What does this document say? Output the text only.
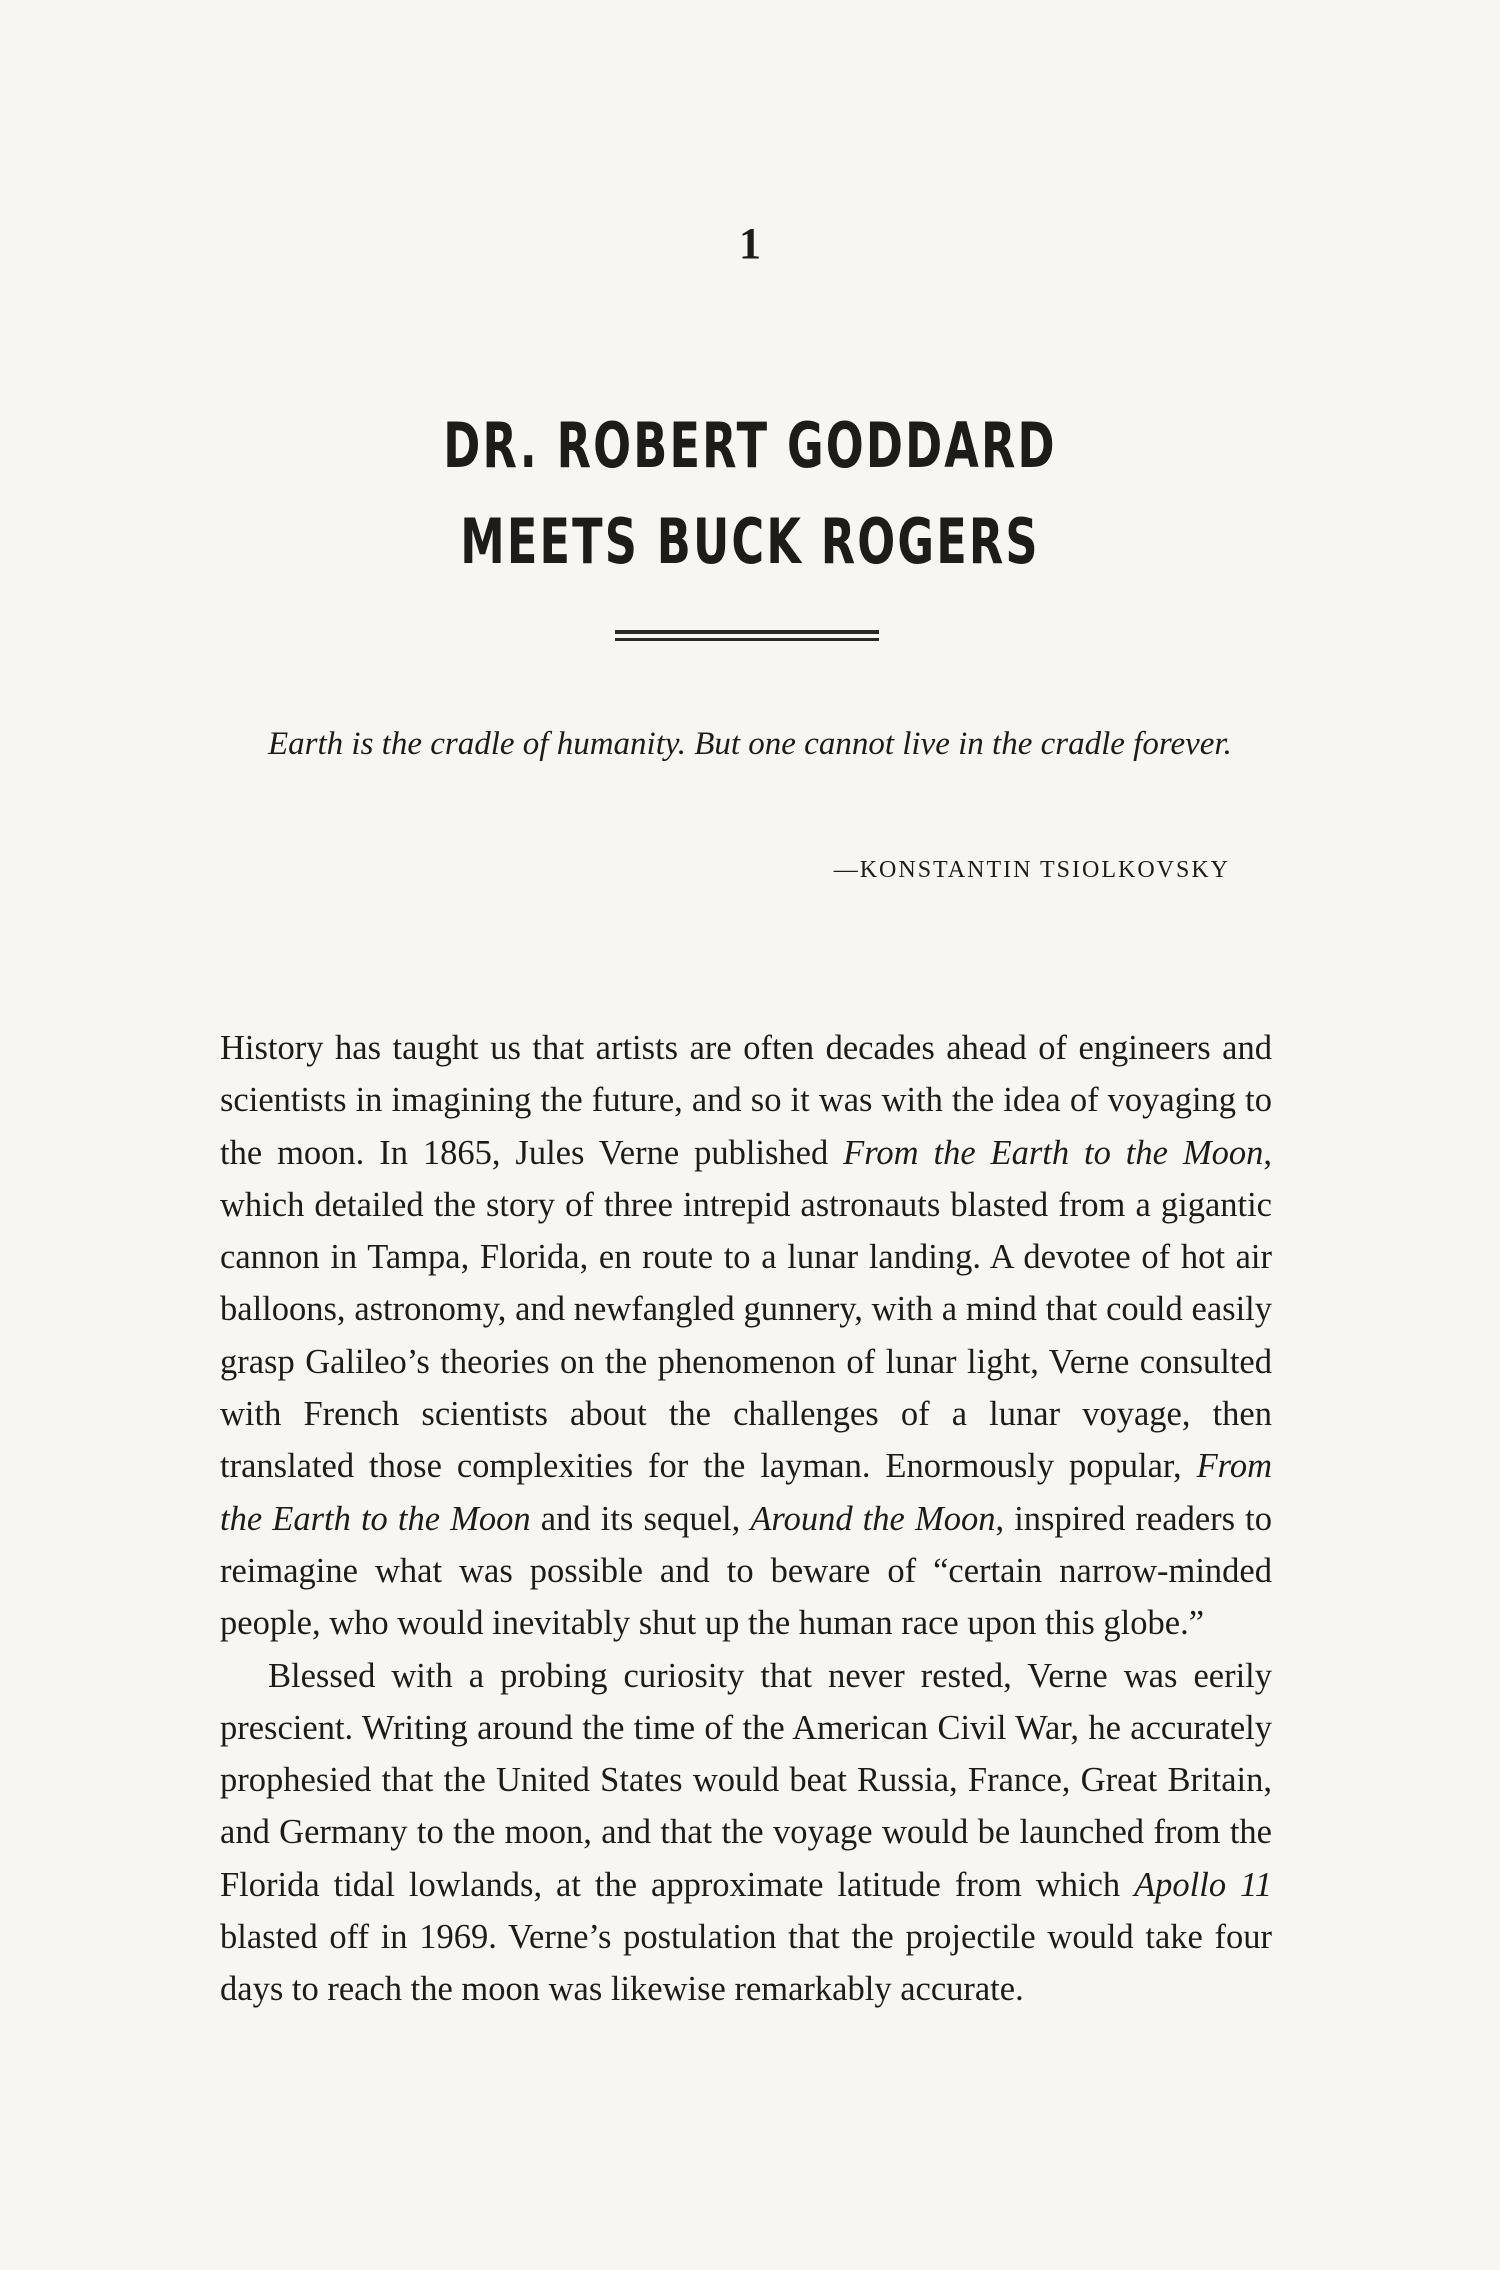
1
DR. ROBERT GODDARD
MEETS BUCK ROGERS
Earth is the cradle of humanity. But one cannot live in the cradle forever.
—KONSTANTIN TSIOLKOVSKY

History has taught us that artists are often decades ahead of engineers and scientists in imagining the future, and so it was with the idea of voyaging to the moon. In 1865, Jules Verne published From the Earth to the Moon, which detailed the story of three intrepid astronauts blasted from a gigantic cannon in Tampa, Florida, en route to a lunar landing. A devotee of hot air balloons, astronomy, and newfangled gunnery, with a mind that could easily grasp Galileo’s theories on the phenomenon of lunar light, Verne consulted with French scientists about the challenges of a lunar voyage, then translated those complexities for the layman. Enormously popular, From the Earth to the Moon and its sequel, Around the Moon, inspired readers to reimagine what was possible and to beware of “certain narrow-minded people, who would inevitably shut up the human race upon this globe.”

Blessed with a probing curiosity that never rested, Verne was eerily prescient. Writing around the time of the American Civil War, he accurately prophesied that the United States would beat Russia, France, Great Britain, and Germany to the moon, and that the voyage would be launched from the Florida tidal lowlands, at the approximate latitude from which Apollo 11 blasted off in 1969. Verne’s postulation that the projectile would take four days to reach the moon was likewise remarkably accurate.
